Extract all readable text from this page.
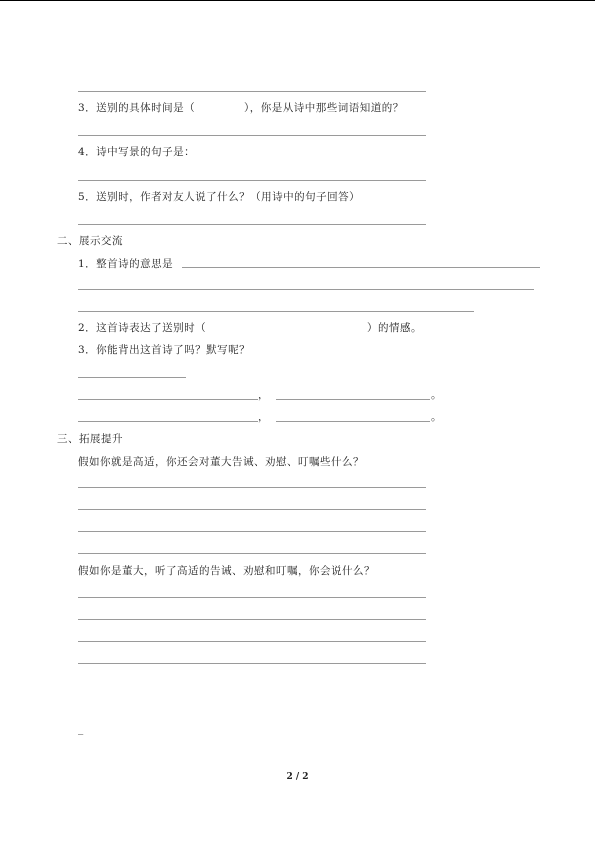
3．送别的具体时间是（	），你是从诗中那些词语知道的？
4．诗中写景的句子是：
5．送别时，作者对友人说了什么？（用诗中的句子回答）
二、展示交流
1．整首诗的意思是
2．这首诗表达了送别时（	）的情感。
3．你能背出这首诗了吗？默写呢？
，	。
，	。
三、拓展提升
假如你就是高适，你还会对董大告诫、劝慰、叮嘱些什么？
假如你是董大，听了高适的告诫、劝慰和叮嘱，你会说什么？
_
2 / 2
